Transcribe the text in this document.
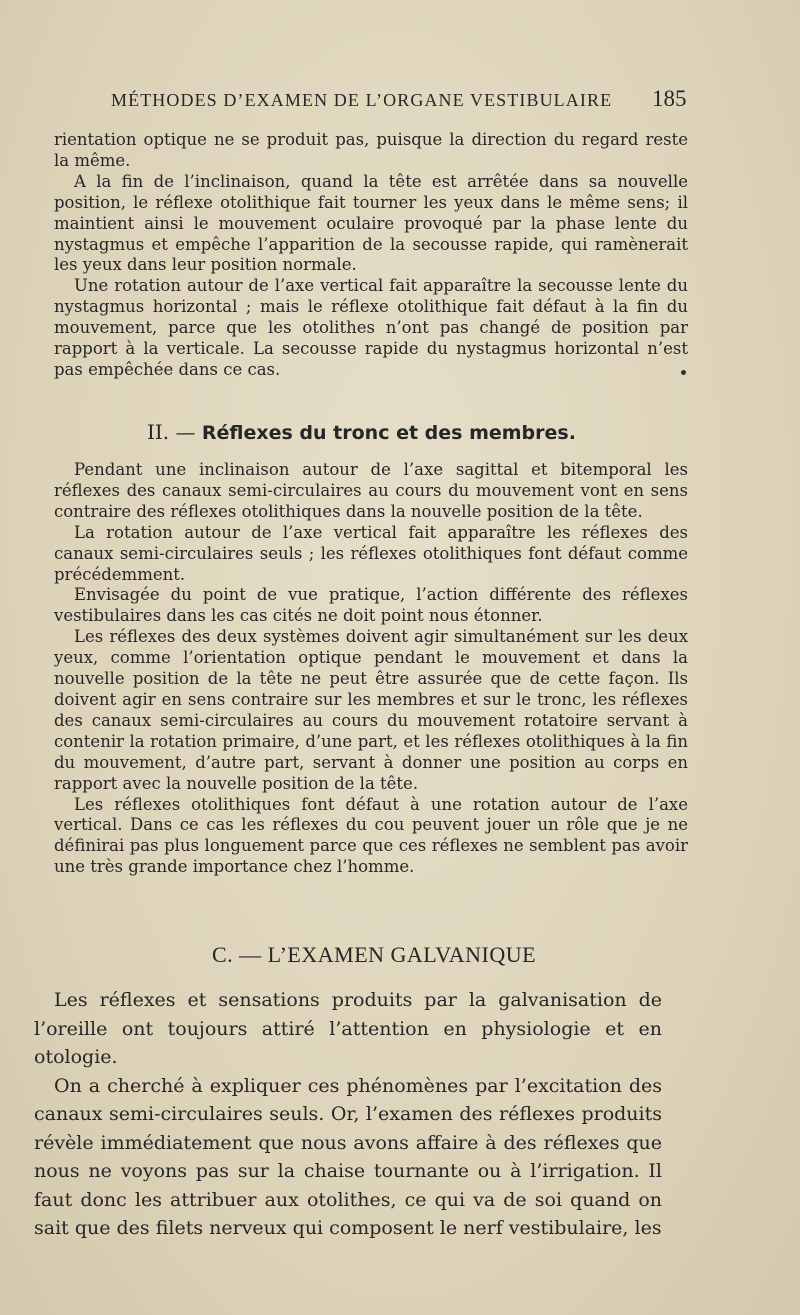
MÉTHODES D’EXAMEN DE L’ORGANE VESTIBULAIRE	185

rientation optique ne se produit pas, puisque la direction du regard reste la même.

A la fin de l’inclinaison, quand la tête est arrêtée dans sa nouvelle position, le réflexe otolithique fait tourner les yeux dans le même sens; il maintient ainsi le mouvement oculaire provoqué par la phase lente du nystagmus et empêche l’apparition de la secousse rapide, qui ramènerait les yeux dans leur position normale.

Une rotation autour de l’axe vertical fait apparaître la secousse lente du nystagmus horizontal ; mais le réflexe otolithique fait défaut à la fin du mouvement, parce que les otolithes n’ont pas changé de position par rapport à la verticale. La secousse rapide du nystagmus horizontal n’est pas empêchée dans ce cas.

II. — Réflexes du tronc et des membres.

Pendant une inclinaison autour de l’axe sagittal et bitemporal les réflexes des canaux semi-circulaires au cours du mouvement vont en sens contraire des réflexes otolithiques dans la nouvelle position de la tête.

La rotation autour de l’axe vertical fait apparaître les réflexes des canaux semi-circulaires seuls ; les réflexes otolithiques font défaut comme précédemment.

Envisagée du point de vue pratique, l’action différente des réflexes vestibulaires dans les cas cités ne doit point nous étonner.

Les réflexes des deux systèmes doivent agir simultanément sur les deux yeux, comme l’orientation optique pendant le mouvement et dans la nouvelle position de la tête ne peut être assurée que de cette façon. Ils doivent agir en sens contraire sur les membres et sur le tronc, les réflexes des canaux semi-circulaires au cours du mouvement rotatoire servant à contenir la rotation primaire, d’une part, et les réflexes otolithiques à la fin du mouvement, d’autre part, servant à donner une position au corps en rapport avec la nouvelle position de la tête.

Les réflexes otolithiques font défaut à une rotation autour de l’axe vertical. Dans ce cas les réflexes du cou peuvent jouer un rôle que je ne définirai pas plus longuement parce que ces réflexes ne semblent pas avoir une très grande importance chez l’homme.

C. — L’EXAMEN GALVANIQUE

Les réflexes et sensations produits par la galvanisation de l’oreille ont toujours attiré l’attention en physiologie et en otologie.

On a cherché à expliquer ces phénomènes par l’excitation des canaux semi-circulaires seuls. Or, l’examen des réflexes produits révèle immédiatement que nous avons affaire à des réflexes que nous ne voyons pas sur la chaise tournante ou à l’irrigation. Il faut donc les attribuer aux otolithes, ce qui va de soi quand on sait que des filets nerveux qui composent le nerf vestibulaire, les
